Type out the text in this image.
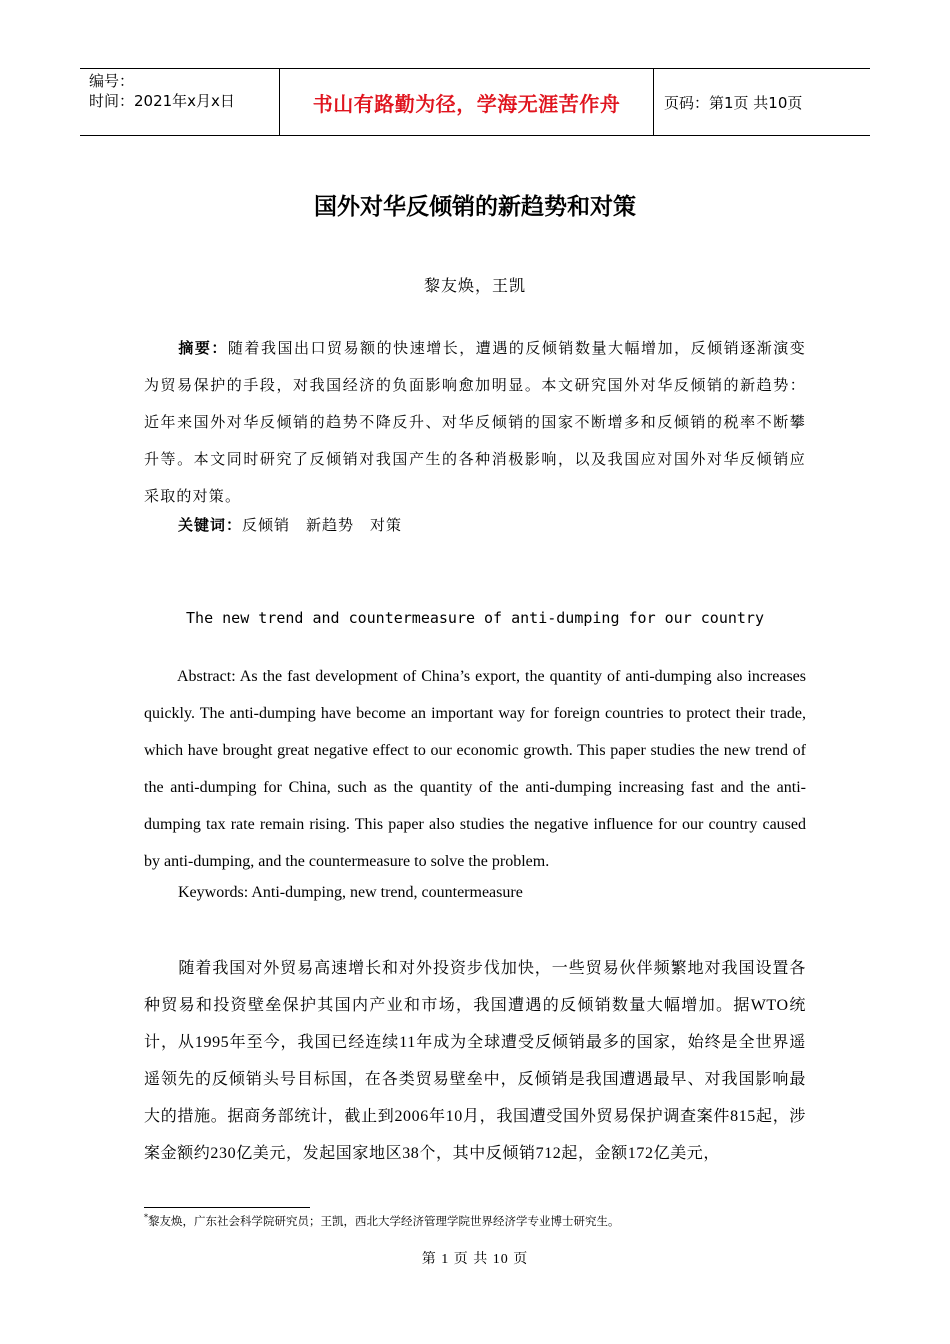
编号：
时间：2021年x月x日	书山有路勤为径，学海无涯苦作舟	页码：第1页 共10页
国外对华反倾销的新趋势和对策
黎友焕，王凯
摘要：随着我国出口贸易额的快速增长，遭遇的反倾销数量大幅增加，反倾销逐渐演变为贸易保护的手段，对我国经济的负面影响愈加明显。本文研究国外对华反倾销的新趋势：近年来国外对华反倾销的趋势不降反升、对华反倾销的国家不断增多和反倾销的税率不断攀升等。本文同时研究了反倾销对我国产生的各种消极影响，以及我国应对国外对华反倾销应采取的对策。
关键词：反倾销 新趋势 对策
The new trend and countermeasure of anti-dumping for our country
Abstract: As the fast development of China’s export, the quantity of anti-dumping also increases quickly. The anti-dumping have become an important way for foreign countries to protect their trade, which have brought great negative effect to our economic growth. This paper studies the new trend of the anti-dumping for China, such as the quantity of the anti-dumping increasing fast and the anti-dumping tax rate remain rising. This paper also studies the negative influence for our country caused by anti-dumping, and the countermeasure to solve the problem.
Keywords: Anti-dumping, new trend, countermeasure
随着我国对外贸易高速增长和对外投资步伐加快，一些贸易伙伴频繁地对我国设置各种贸易和投资壁垒保护其国内产业和市场，我国遭遇的反倾销数量大幅增加。据WTO统计，从1995年至今，我国已经连续11年成为全球遭受反倾销最多的国家，始终是全世界遥遥领先的反倾销头号目标国，在各类贸易壁垒中，反倾销是我国遭遇最早、对我国影响最大的措施。据商务部统计，截止到2006年10月，我国遭受国外贸易保护调查案件815起，涉案金额约230亿美元，发起国家地区38个，其中反倾销712起，金额172亿美元，
*黎友焕，广东社会科学院研究员；王凯，西北大学经济管理学院世界经济学专业博士研究生。
第 1 页 共 10 页
